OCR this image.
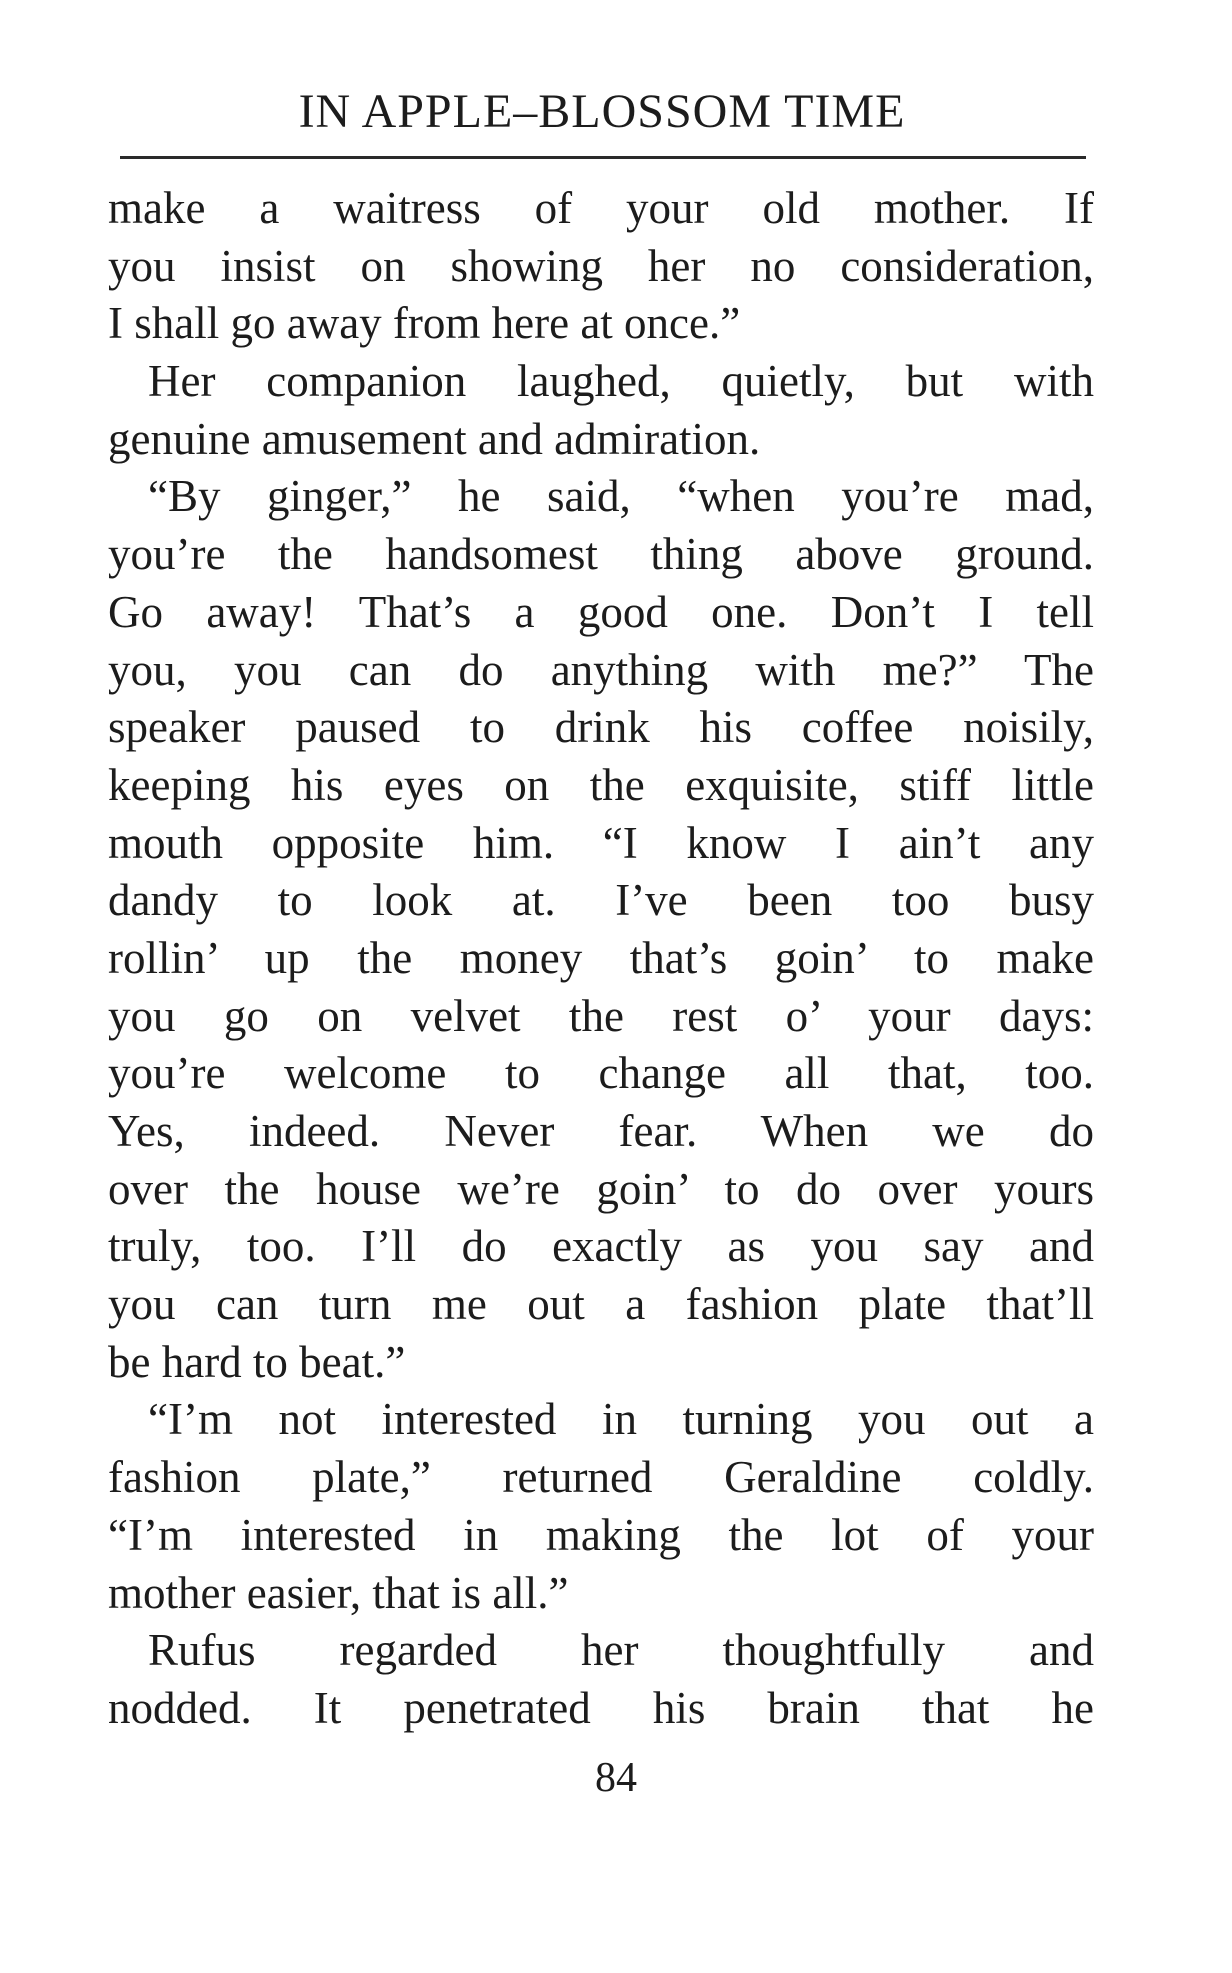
IN APPLE–BLOSSOM TIME
make a waitress of your old mother. If
you insist on showing her no consideration,
I shall go away from here at once.”
Her companion laughed, quietly, but with
genuine amusement and admiration.
“By ginger,” he said, “when you’re mad,
you’re the handsomest thing above ground.
Go away! That’s a good one. Don’t I tell
you, you can do anything with me?” The
speaker paused to drink his coffee noisily,
keeping his eyes on the exquisite, stiff little
mouth opposite him. “I know I ain’t any
dandy to look at. I’ve been too busy
rollin’ up the money that’s goin’ to make
you go on velvet the rest o’ your days:
you’re welcome to change all that, too.
Yes, indeed. Never fear. When we do
over the house we’re goin’ to do over yours
truly, too. I’ll do exactly as you say and
you can turn me out a fashion plate that’ll
be hard to beat.”
“I’m not interested in turning you out a
fashion plate,” returned Geraldine coldly.
“I’m interested in making the lot of your
mother easier, that is all.”
Rufus regarded her thoughtfully and
nodded. It penetrated his brain that he
84
